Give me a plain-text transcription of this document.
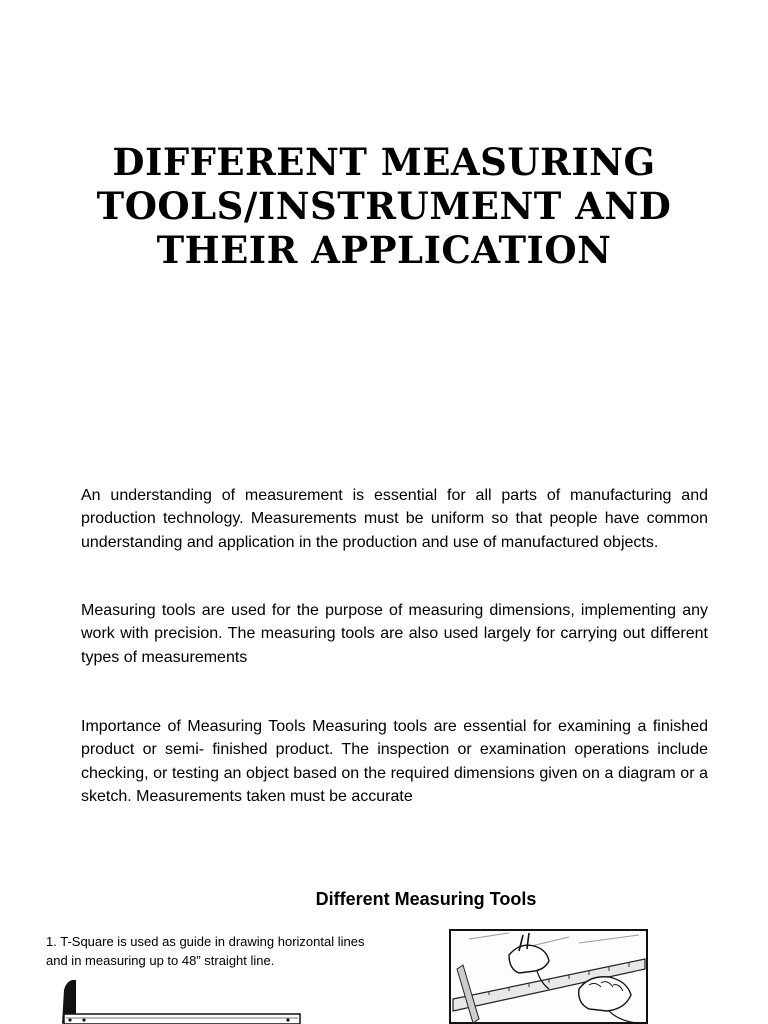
DIFFERENT MEASURING
TOOLS/INSTRUMENT AND
THEIR APPLICATION

An understanding of measurement is essential for all parts of manufacturing and production technology. Measurements must be uniform so that people have common understanding and application in the production and use of manufactured objects.

Measuring tools are used for the purpose of measuring dimensions, implementing any work with precision. The measuring tools are also used largely for carrying out different types of measurements

Importance of Measuring Tools Measuring tools are essential for examining a finished product or semi- finished product. The inspection or examination operations include checking, or testing an object based on the required dimensions given on a diagram or a sketch. Measurements taken must be accurate

Different Measuring Tools
1. T-Square is used as guide in drawing horizontal lines and in measuring up to 48” straight line.
